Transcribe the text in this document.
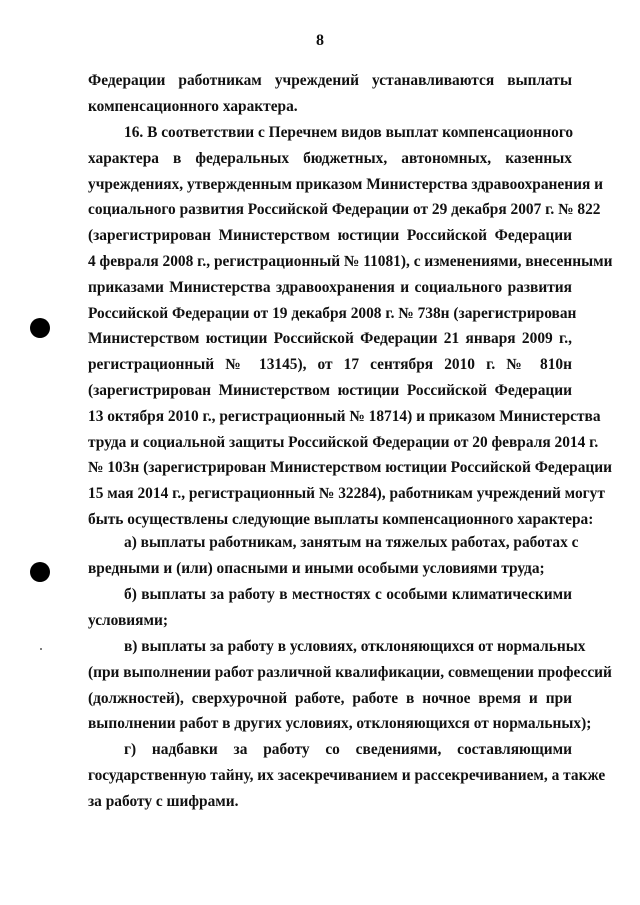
8
Федерации работникам учреждений устанавливаются выплаты
компенсационного характера.
16. В соответствии с Перечнем видов выплат компенсационного
характера в федеральных бюджетных, автономных, казенных
учреждениях, утвержденным приказом Министерства здравоохранения и
социального развития Российской Федерации от 29 декабря 2007 г. № 822
(зарегистрирован Министерством юстиции Российской Федерации
4 февраля 2008 г., регистрационный № 11081), с изменениями, внесенными
приказами Министерства здравоохранения и социального развития
Российской Федерации от 19 декабря 2008 г. № 738н (зарегистрирован
Министерством юстиции Российской Федерации 21 января 2009 г.,
регистрационный № 13145), от 17 сентября 2010 г. № 810н
(зарегистрирован Министерством юстиции Российской Федерации
13 октября 2010 г., регистрационный № 18714) и приказом Министерства
труда и социальной защиты Российской Федерации от 20 февраля 2014 г.
№ 103н (зарегистрирован Министерством юстиции Российской Федерации
15 мая 2014 г., регистрационный № 32284), работникам учреждений могут
быть осуществлены следующие выплаты компенсационного характера:
а) выплаты работникам, занятым на тяжелых работах, работах с
вредными и (или) опасными и иными особыми условиями труда;
б) выплаты за работу в местностях с особыми климатическими
условиями;
в) выплаты за работу в условиях, отклоняющихся от нормальных
(при выполнении работ различной квалификации, совмещении профессий
(должностей), сверхурочной работе, работе в ночное время и при
выполнении работ в других условиях, отклоняющихся от нормальных);
г) надбавки за работу со сведениями, составляющими
государственную тайну, их засекречиванием и рассекречиванием, а также
за работу с шифрами.
